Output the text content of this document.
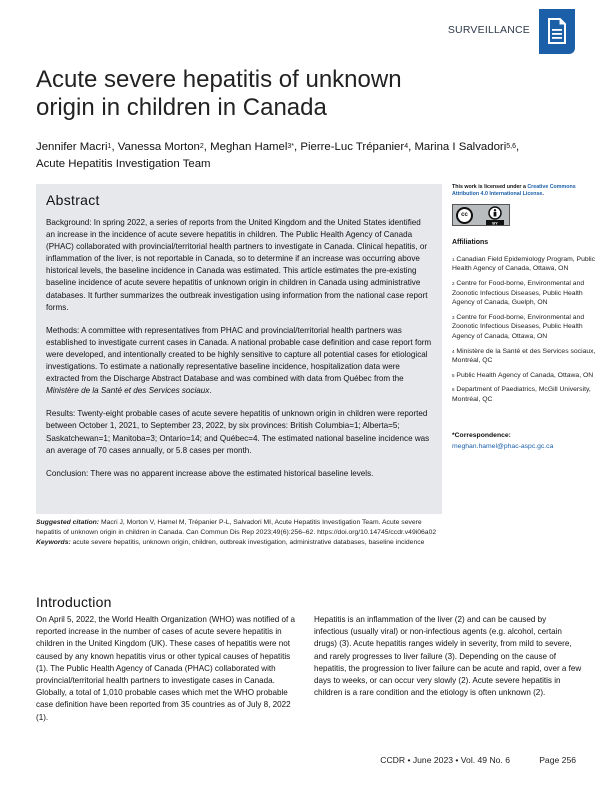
SURVEILLANCE
Acute severe hepatitis of unknown origin in children in Canada
Jennifer Macri$^1$, Vanessa Morton$^2$, Meghan Hamel$^{3*}$, Pierre-Luc Trépanier$^4$, Marina I Salvadori$^{5,6}$,
Acute Hepatitis Investigation Team
Abstract

Background: In spring 2022, a series of reports from the United Kingdom and the United States identified an increase in the incidence of acute severe hepatitis in children. The Public Health Agency of Canada (PHAC) collaborated with provincial/territorial health partners to investigate in Canada. Clinical hepatitis, or inflammation of the liver, is not reportable in Canada, so to determine if an increase was occurring above historical levels, the baseline incidence in Canada was estimated. This article estimates the pre-existing baseline incidence of acute severe hepatitis of unknown origin in children in Canada using administrative databases. It further summarizes the outbreak investigation using information from the national case report forms.

Methods: A committee with representatives from PHAC and provincial/territorial health partners was established to investigate current cases in Canada. A national probable case definition and case report form were developed, and intentionally created to be highly sensitive to capture all potential cases for etiological investigations. To estimate a nationally representative baseline incidence, hospitalization data were extracted from the Discharge Abstract Database and was combined with data from Québec from the Ministère de la Santé et des Services sociaux.

Results: Twenty-eight probable cases of acute severe hepatitis of unknown origin in children were reported between October 1, 2021, to September 23, 2022, by six provinces: British Columbia=1; Alberta=5; Saskatchewan=1; Manitoba=3; Ontario=14; and Québec=4. The estimated national baseline incidence was an average of 70 cases annually, or 5.8 cases per month.

Conclusion: There was no apparent increase above the estimated historical baseline levels.

Suggested citation: Macri J, Morton V, Hamel M, Trépanier P-L, Salvadori MI, Acute Hepatitis Investigation Team. Acute severe hepatitis of unknown origin in children in Canada. Can Commun Dis Rep 2023;49(6):256–62. https://doi.org/10.14745/ccdr.v49i06a02
Keywords: acute severe hepatitis, unknown origin, children, outbreak investigation, administrative databases, baseline incidence
This work is licensed under a Creative Commons Attribution 4.0 International License.
cc
BY
Affiliations
$^1$ Canadian Field Epidemiology Program, Public Health Agency of Canada, Ottawa, ON
$^2$ Centre for Food-borne, Environmental and Zoonotic Infectious Diseases, Public Health Agency of Canada, Guelph, ON
$^3$ Centre for Food-borne, Environmental and Zoonotic Infectious Diseases, Public Health Agency of Canada, Ottawa, ON
$^4$ Ministère de la Santé et des Services sociaux, Montréal, QC
$^5$ Public Health Agency of Canada, Ottawa, ON
$^6$ Department of Paediatrics, McGill University, Montréal, QC
*Correspondence:
meghan.hamel@phac-aspc.gc.ca
Introduction

On April 5, 2022, the World Health Organization (WHO) was notified of a reported increase in the number of cases of acute severe hepatitis in children in the United Kingdom (UK). These cases of hepatitis were not caused by any known hepatitis virus or other typical causes of hepatitis (1). The Public Health Agency of Canada (PHAC) collaborated with provincial/territorial health partners to investigate cases in Canada. Globally, a total of 1,010 probable cases which met the WHO probable case definition have been reported from 35 countries as of July 8, 2022 (1).

Hepatitis is an inflammation of the liver (2) and can be caused by infectious (usually viral) or non-infectious agents (e.g. alcohol, certain drugs) (3). Acute hepatitis ranges widely in severity, from mild to severe, and rarely progresses to liver failure (3). Depending on the cause of hepatitis, the progression to liver failure can be acute and rapid, over a few days to weeks, or can occur very slowly (2). Acute severe hepatitis in children is a rare condition and the etiology is often unknown (2).

CCDR • June 2023 • Vol. 49 No. 6	Page 256
